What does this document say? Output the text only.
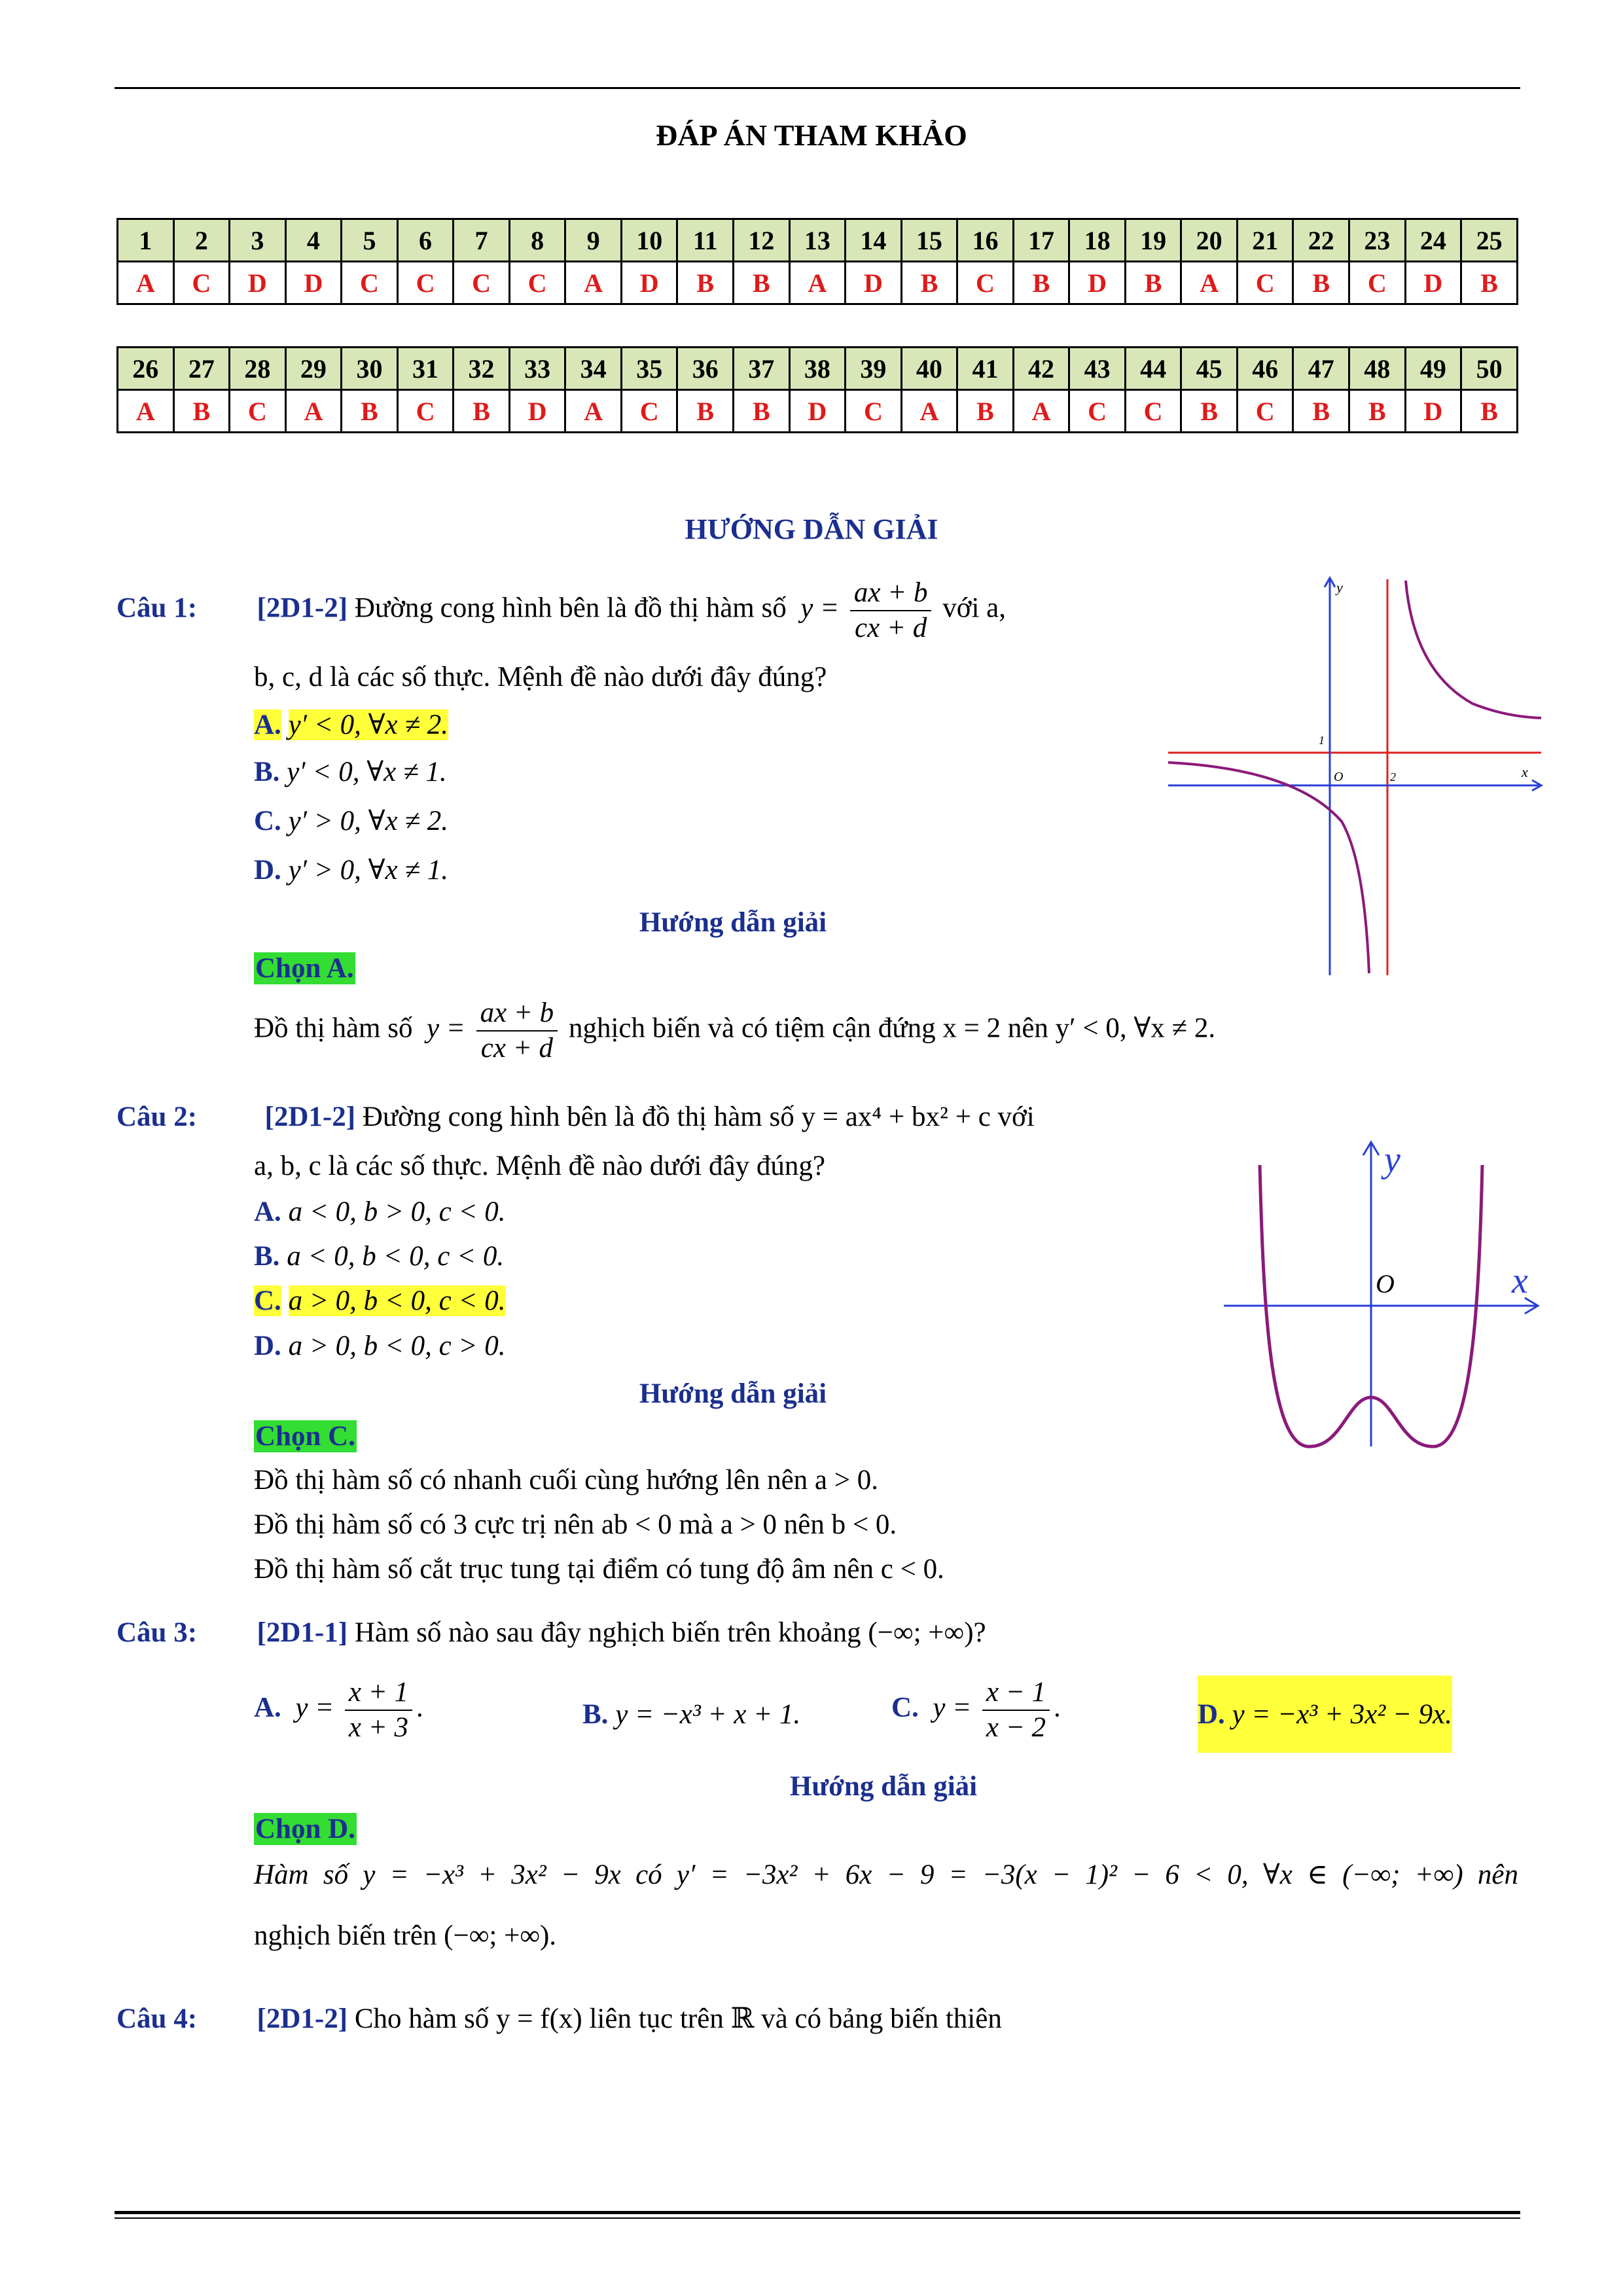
ĐÁP ÁN THAM KHẢO
1	2	3	4	5	6	7	8	9	10	11	12	13	14	15	16	17	18	19	20	21	22	23	24	25
A	C	D	D	C	C	C	C	A	D	B	B	A	D	B	C	B	D	B	A	C	B	C	D	B
26	27	28	29	30	31	32	33	34	35	36	37	38	39	40	41	42	43	44	45	46	47	48	49	50
A	B	C	A	B	C	B	D	A	C	B	B	D	C	A	B	A	C	C	B	C	B	B	D	B
HƯỚNG DẪN GIẢI
Câu 1: [2D1-2] Đường cong hình bên là đồ thị hàm số  $y = \frac{ax + b}{cx + d}$ với a,
b, c, d là các số thực. Mệnh đề nào dưới đây đúng?
A. y′ < 0, ∀x ≠ 2.
B. y′ < 0, ∀x ≠ 1.
C. y′ > 0, ∀x ≠ 2.
D. y′ > 0, ∀x ≠ 1.
Hướng dẫn giải
Chọn A.
Đồ thị hàm số  $y = \frac{ax + b}{cx + d}$ nghịch biến và có tiệm cận đứng x = 2 nên y′ < 0, ∀x ≠ 2.
y
x
O	2
1
Câu 2: [2D1-2] Đường cong hình bên là đồ thị hàm số y = ax⁴ + bx² + c với
a, b, c là các số thực. Mệnh đề nào dưới đây đúng?
A. a < 0, b > 0, c < 0.
B. a < 0, b < 0, c < 0.
C. a > 0, b < 0, c < 0.
D. a > 0, b < 0, c > 0.
Hướng dẫn giải
Chọn C.
Đồ thị hàm số có nhanh cuối cùng hướng lên nên a > 0.
Đồ thị hàm số có 3 cực trị nên ab < 0 mà a > 0 nên b < 0.
Đồ thị hàm số cắt trục tung tại điểm có tung độ âm nên c < 0.
y
x
O
Câu 3: [2D1-1] Hàm số nào sau đây nghịch biến trên khoảng (−∞; +∞)?
A.  $y = \frac{x + 1}{x + 3}$ .	B. y = −x³ + x + 1.	C.  $y = \frac{x - 1}{x - 2}$ .	D. y = −x³ + 3x² − 9x.
Hướng dẫn giải
Chọn D.
Hàm số y = −x³ + 3x² − 9x có y′ = −3x² + 6x − 9 = −3(x − 1)² − 6 < 0, ∀x ∈ (−∞; +∞) nên
nghịch biến trên (−∞; +∞).
Câu 4: [2D1-2] Cho hàm số y = f(x) liên tục trên ℝ và có bảng biến thiên
